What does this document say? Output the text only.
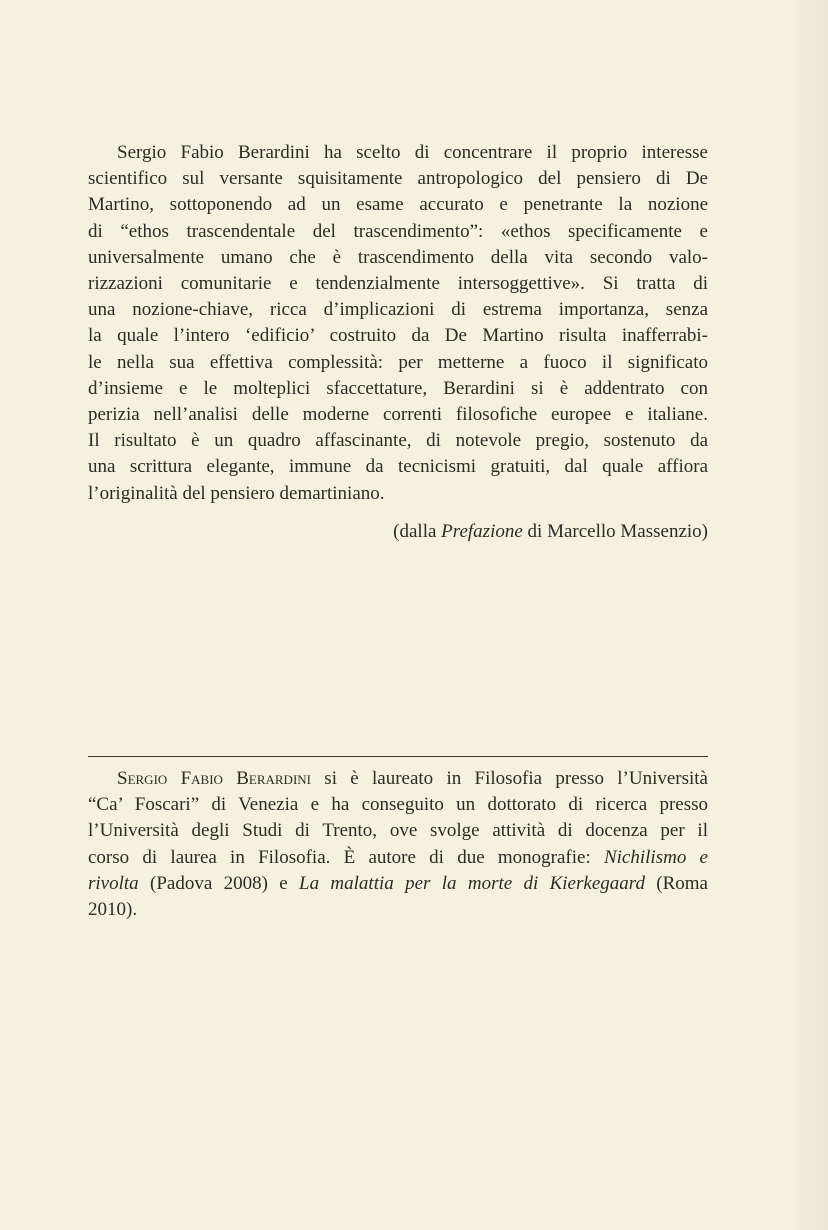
Sergio Fabio Berardini ha scelto di concentrare il proprio interesse
scientifico sul versante squisitamente antropologico del pensiero di De
Martino, sottoponendo ad un esame accurato e penetrante la nozione
di “ethos trascendentale del trascendimento”: «ethos specificamente e
universalmente umano che è trascendimento della vita secondo valo-
rizzazioni comunitarie e tendenzialmente intersoggettive». Si tratta di
una nozione-chiave, ricca d’implicazioni di estrema importanza, senza
la quale l’intero ‘edificio’ costruito da De Martino risulta inafferrabi-
le nella sua effettiva complessità: per metterne a fuoco il significato
d’insieme e le molteplici sfaccettature, Berardini si è addentrato con
perizia nell’analisi delle moderne correnti filosofiche europee e italiane.
Il risultato è un quadro affascinante, di notevole pregio, sostenuto da
una scrittura elegante, immune da tecnicismi gratuiti, dal quale affiora
l’originalità del pensiero demartiniano.

(dalla Prefazione di Marcello Massenzio)

Sergio Fabio Berardini si è laureato in Filosofia presso l’Università
“Ca’ Foscari” di Venezia e ha conseguito un dottorato di ricerca presso
l’Università degli Studi di Trento, ove svolge attività di docenza per il
corso di laurea in Filosofia. È autore di due monografie: Nichilismo e
rivolta (Padova 2008) e La malattia per la morte di Kierkegaard (Roma
2010).
